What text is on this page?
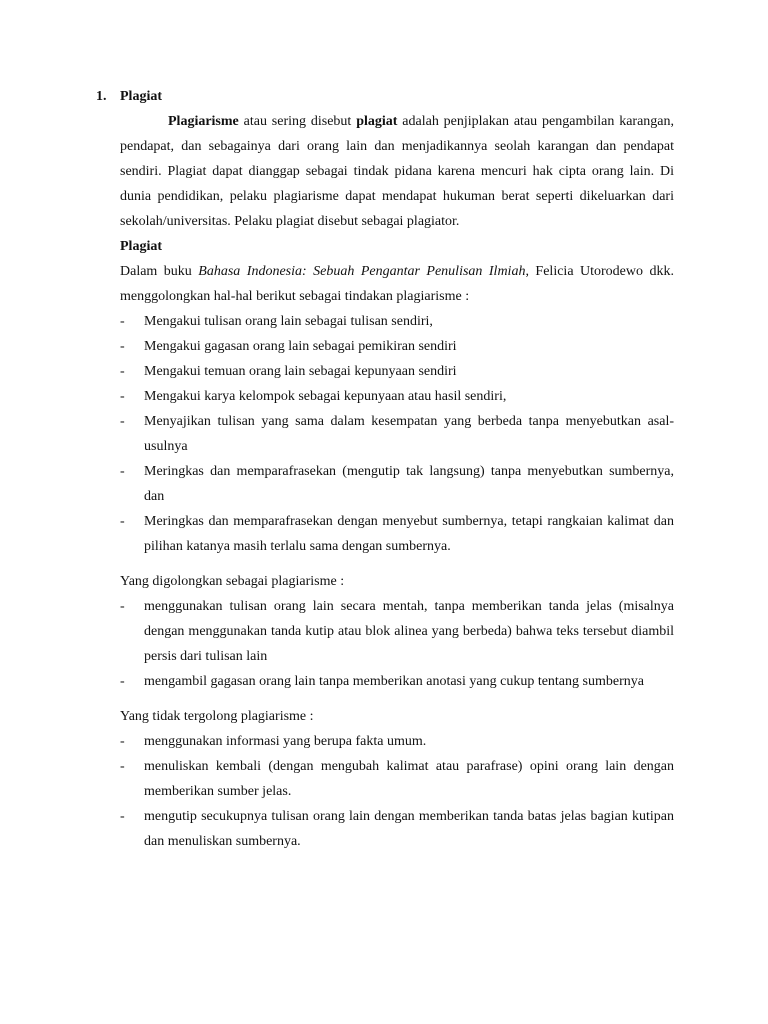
1. Plagiat

Plagiarisme atau sering disebut plagiat adalah penjiplakan atau pengambilan karangan, pendapat, dan sebagainya dari orang lain dan menjadikannya seolah karangan dan pendapat sendiri. Plagiat dapat dianggap sebagai tindak pidana karena mencuri hak cipta orang lain. Di dunia pendidikan, pelaku plagiarisme dapat mendapat hukuman berat seperti dikeluarkan dari sekolah/universitas. Pelaku plagiat disebut sebagai plagiator.

Plagiat

Dalam buku Bahasa Indonesia: Sebuah Pengantar Penulisan Ilmiah, Felicia Utorodewo dkk. menggolongkan hal-hal berikut sebagai tindakan plagiarisme :

- Mengakui tulisan orang lain sebagai tulisan sendiri,
- Mengakui gagasan orang lain sebagai pemikiran sendiri
- Mengakui temuan orang lain sebagai kepunyaan sendiri
- Mengakui karya kelompok sebagai kepunyaan atau hasil sendiri,
- Menyajikan tulisan yang sama dalam kesempatan yang berbeda tanpa menyebutkan asal-usulnya
- Meringkas dan memparafrasekan (mengutip tak langsung) tanpa menyebutkan sumbernya, dan
- Meringkas dan memparafrasekan dengan menyebut sumbernya, tetapi rangkaian kalimat dan pilihan katanya masih terlalu sama dengan sumbernya.

Yang digolongkan sebagai plagiarisme :

- menggunakan tulisan orang lain secara mentah, tanpa memberikan tanda jelas (misalnya dengan menggunakan tanda kutip atau blok alinea yang berbeda) bahwa teks tersebut diambil persis dari tulisan lain
- mengambil gagasan orang lain tanpa memberikan anotasi yang cukup tentang sumbernya

Yang tidak tergolong plagiarisme :

- menggunakan informasi yang berupa fakta umum.
- menuliskan kembali (dengan mengubah kalimat atau parafrase) opini orang lain dengan memberikan sumber jelas.
- mengutip secukupnya tulisan orang lain dengan memberikan tanda batas jelas bagian kutipan dan menuliskan sumbernya.
